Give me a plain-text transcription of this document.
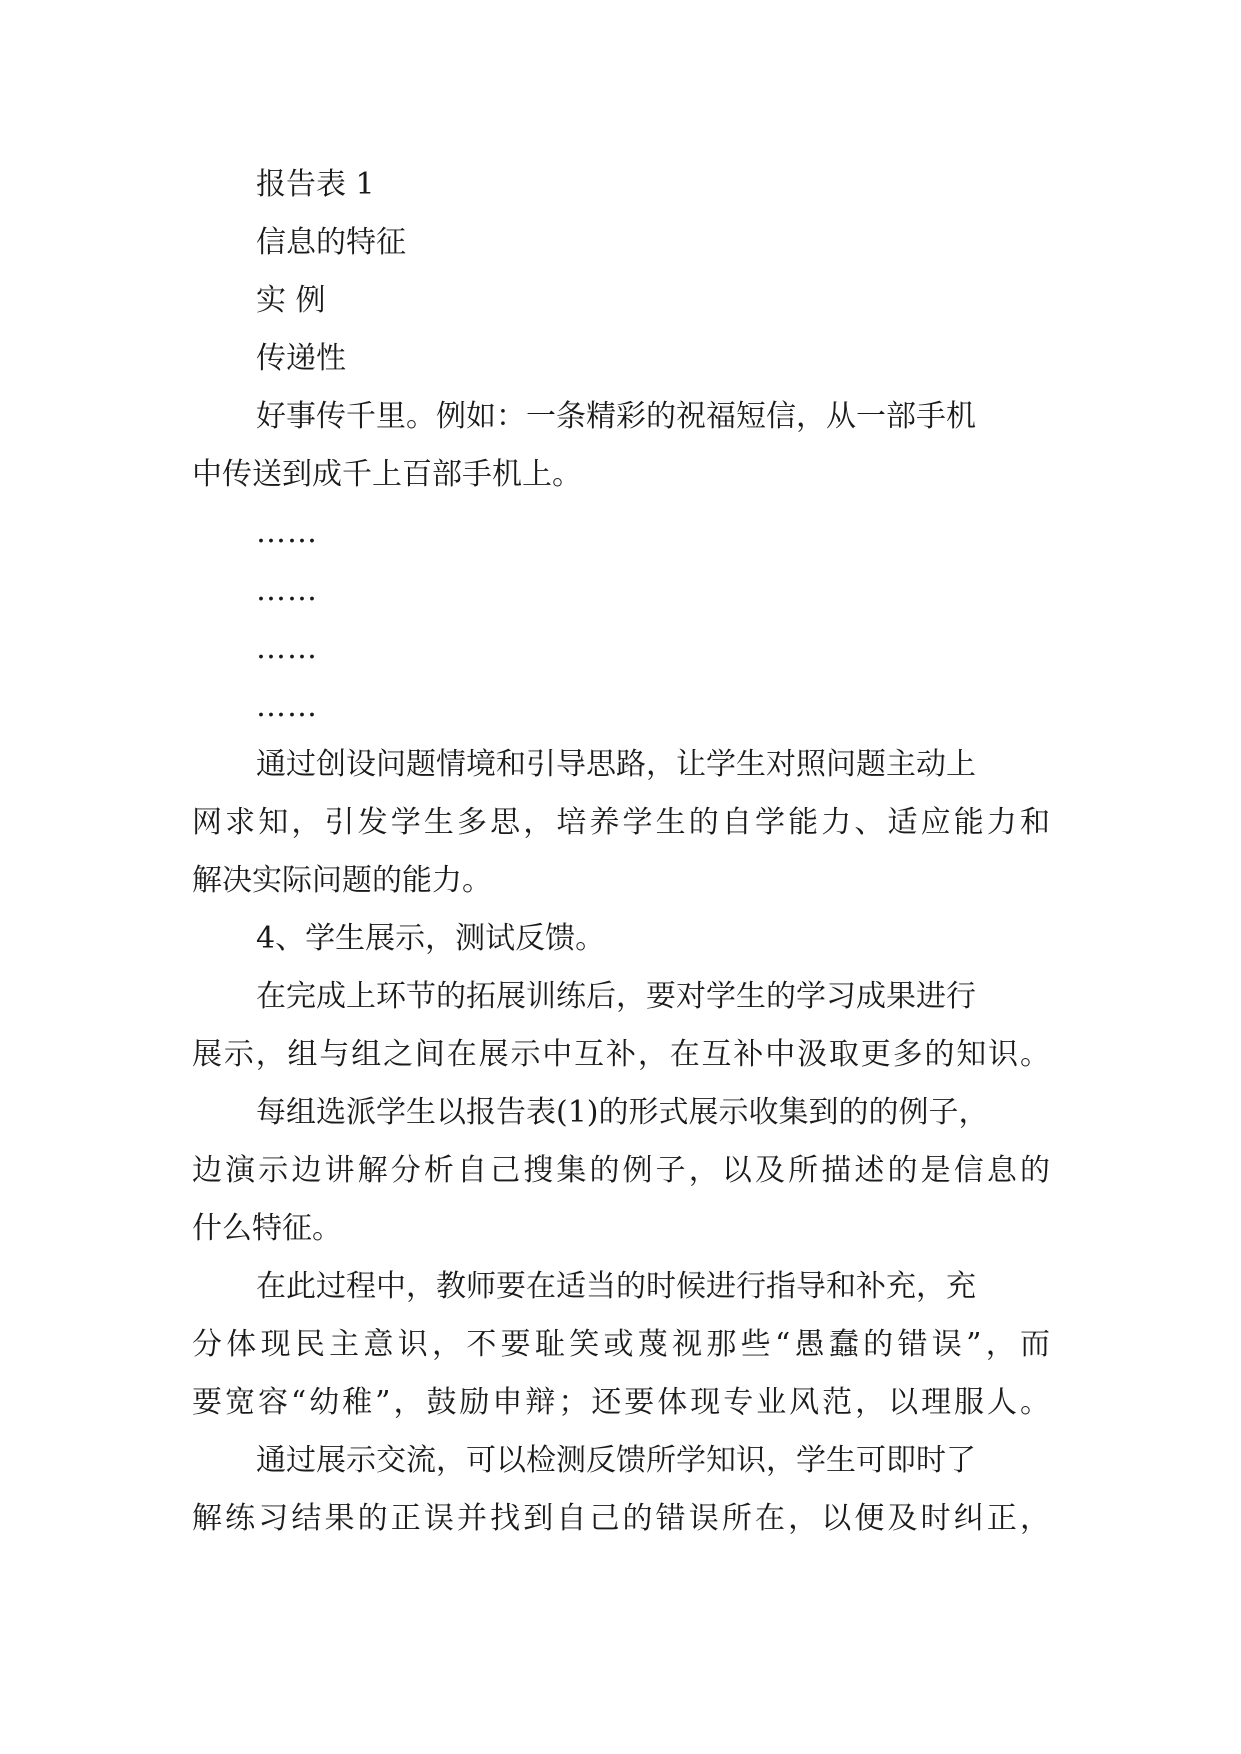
报告表 1
信息的特征
实 例
传递性
好事传千里。例如：一条精彩的祝福短信，从一部手机
中传送到成千上百部手机上。
……
……
……
……
通过创设问题情境和引导思路，让学生对照问题主动上
网求知，引发学生多思，培养学生的自学能力、适应能力和
解决实际问题的能力。
4、学生展示，测试反馈。
在完成上环节的拓展训练后，要对学生的学习成果进行
展示，组与组之间在展示中互补，在互补中汲取更多的知识。
每组选派学生以报告表(1)的形式展示收集到的的例子，
边演示边讲解分析自己搜集的例子，以及所描述的是信息的
什么特征。
在此过程中，教师要在适当的时候进行指导和补充，充
分体现民主意识，不要耻笑或蔑视那些“愚蠢的错误”，而
要宽容“幼稚”，鼓励申辩；还要体现专业风范，以理服人。
通过展示交流，可以检测反馈所学知识，学生可即时了
解练习结果的正误并找到自己的错误所在，以便及时纠正，
